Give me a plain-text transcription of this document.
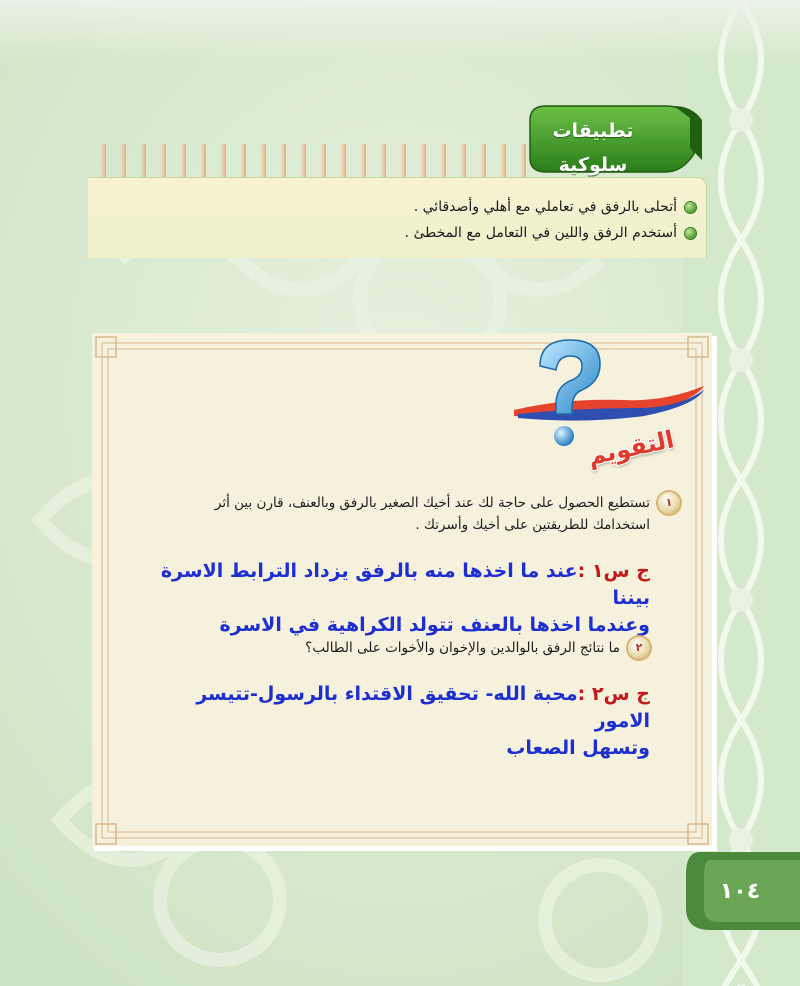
تطبيقات سلوكية
أتحلى بالرفق في تعاملي مع أهلي وأصدقائي .
أستخدم الرفق واللين في التعامل مع المخطئ .
التقويم
١
تستطيع الحصول على حاجة لك عند أخيك الصغير بالرفق وبالعنف، قارن بين أثر
استخدامك للطريقتين على أخيك وأسرتك .
ج س١ :عند ما اخذها منه بالرفق يزداد الترابط الاسرة بيننا
وعندما اخذها بالعنف تتولد الكراهية في الاسرة
٢
ما نتائج الرفق بالوالدين والإخوان والأخوات على الطالب؟
ج س٢ :محبة الله- تحقيق الاقتداء بالرسول-تتيسر الامور
وتسهل الصعاب
١٠٤
